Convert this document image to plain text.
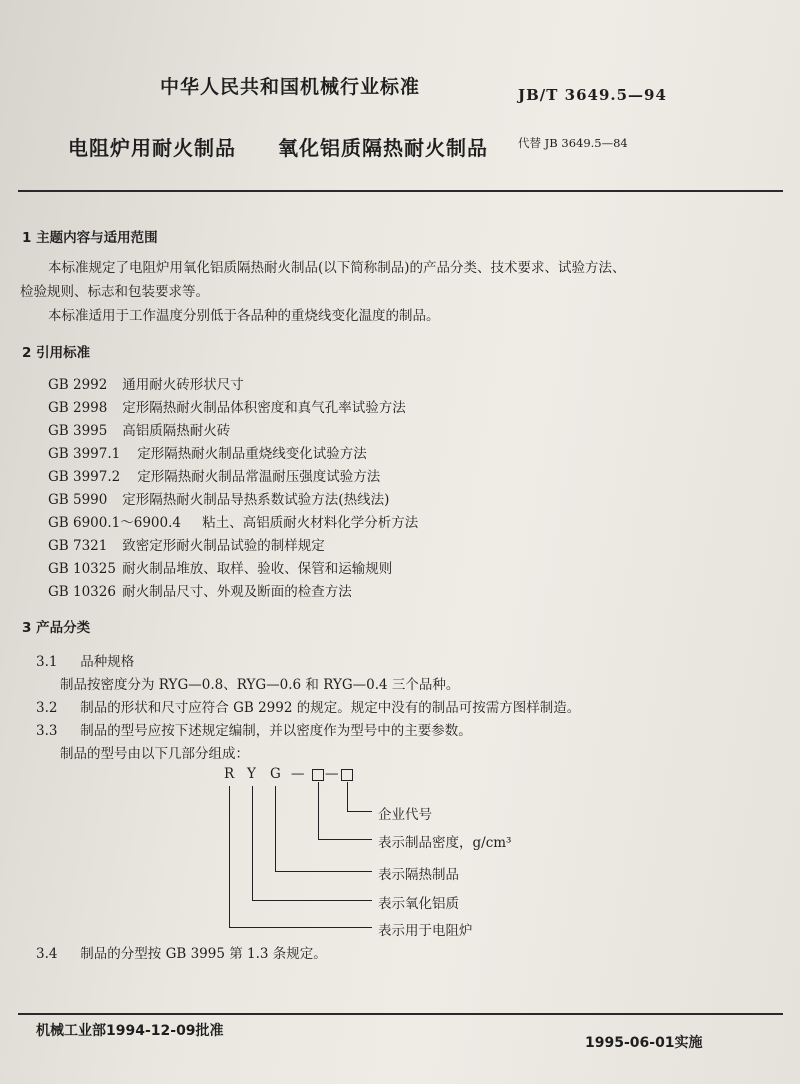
中华人民共和国机械行业标准	JB/T 3649.5—94
电阻炉用耐火制品 氧化铝质隔热耐火制品	代替 JB 3649.5—84
1 主题内容与适用范围
本标准规定了电阻炉用氧化铝质隔热耐火制品(以下简称制品)的产品分类、技术要求、试验方法、
检验规则、标志和包装要求等。
本标准适用于工作温度分别低于各品种的重烧线变化温度的制品。
2 引用标准
GB 2992 通用耐火砖形状尺寸
GB 2998 定形隔热耐火制品体积密度和真气孔率试验方法
GB 3995 高铝质隔热耐火砖
GB 3997.1 定形隔热耐火制品重烧线变化试验方法
GB 3997.2 定形隔热耐火制品常温耐压强度试验方法
GB 5990 定形隔热耐火制品导热系数试验方法(热线法)
GB 6900.1～6900.4 粘土、高铝质耐火材料化学分析方法
GB 7321 致密定形耐火制品试验的制样规定
GB 10325 耐火制品堆放、取样、验收、保管和运输规则
GB 10326 耐火制品尺寸、外观及断面的检查方法
3 产品分类
3.1 品种规格
制品按密度分为 RYG—0.8、RYG—0.6 和 RYG—0.4 三个品种。
3.2 制品的形状和尺寸应符合 GB 2992 的规定。规定中没有的制品可按需方图样制造。
3.3 制品的型号应按下述规定编制，并以密度作为型号中的主要参数。
制品的型号由以下几部分组成：
R Y G — —
企业代号
表示制品密度，g/cm³
表示隔热制品
表示氧化铝质
表示用于电阻炉
3.4 制品的分型按 GB 3995 第 1.3 条规定。
机械工业部1994-12-09批准
1995-06-01实施
